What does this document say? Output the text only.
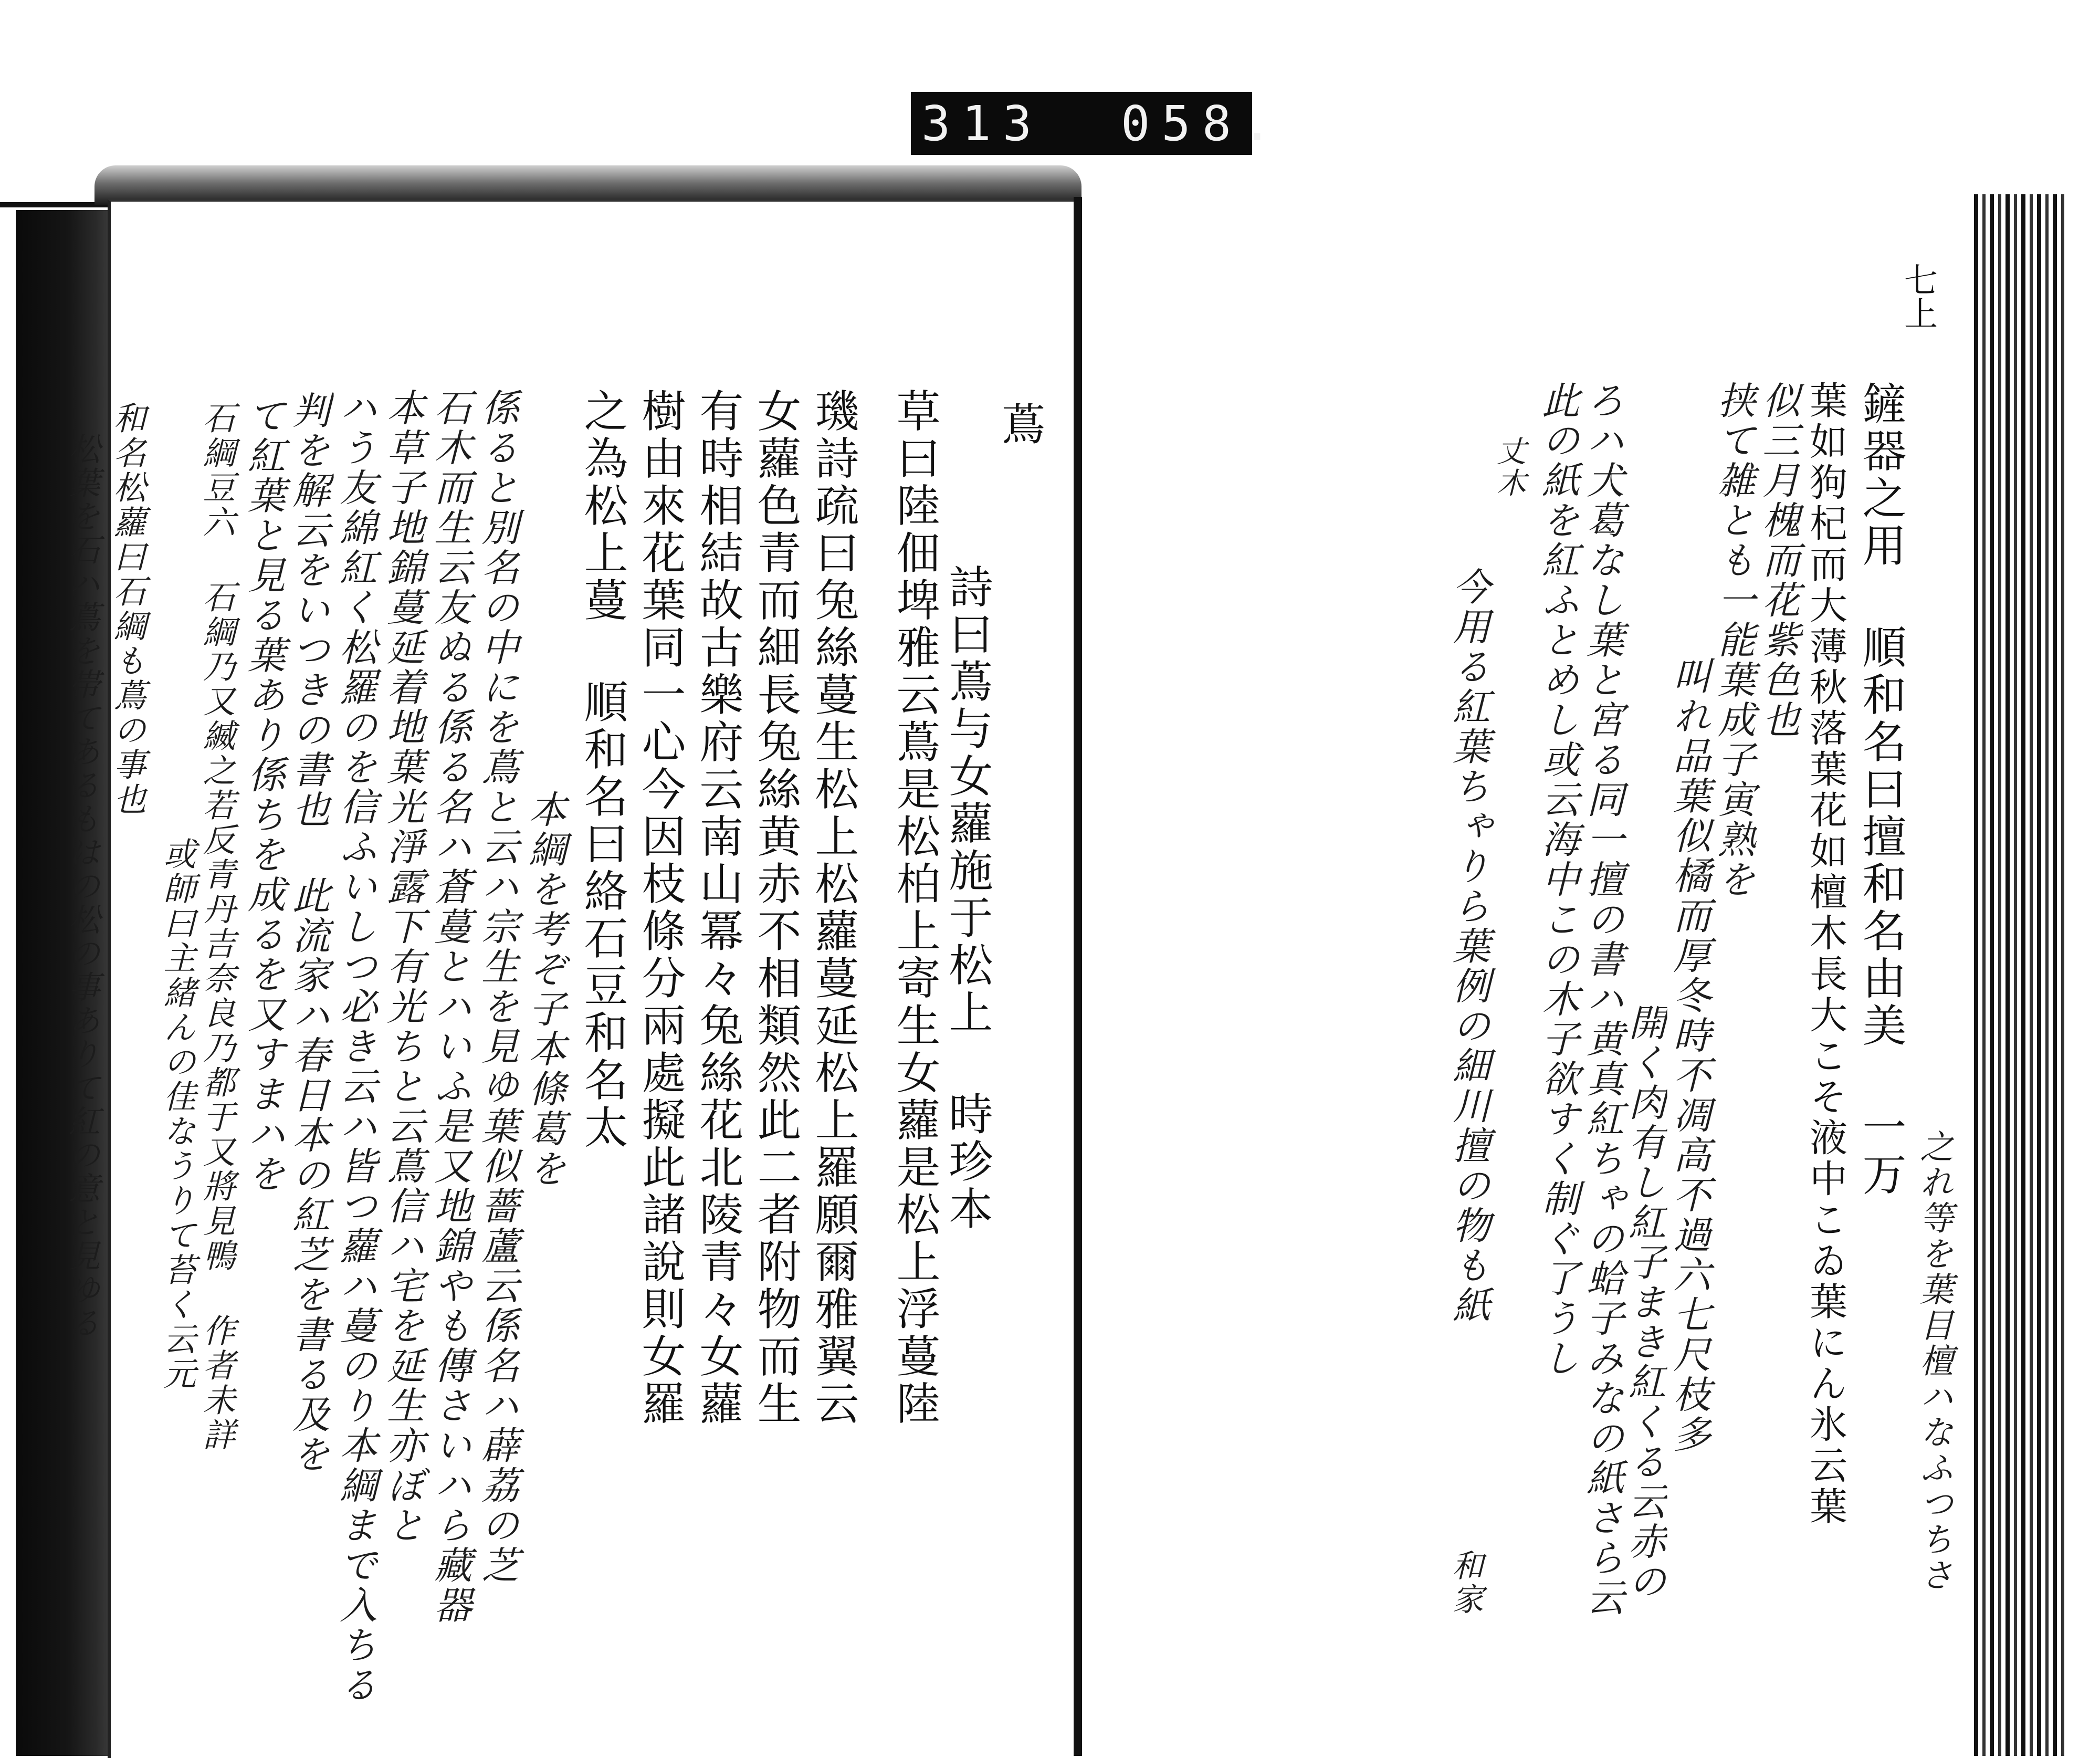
313 058.
蔦
詩曰蔦与女蘿施于松上 時珍本
草曰陸佃埤雅云蔦是松柏上寄生女蘿是松上浮蔓陸
璣詩疏曰兔絲蔓生松上松蘿蔓延松上羅願爾雅翼云
女蘿色青而細長兔絲黄赤不相類然此二者附物而生
有時相結故古樂府云南山冪々兔絲花北陵青々女蘿
樹由來花葉同一心今因枝條分兩處擬此諸說則女羅
之為松上蔓 順和名曰絡石豆和名太
本綱を考ぞ子本條葛を
係ると別名の中にを蔦と云ハ宗生を見ゆ葉似薔蘆云係名ハ薜荔の芝
石木而生云友ぬる係る名ハ蒼蔓とハいふ是又地錦やも傳さいハら藏器
本草子地錦蔓延着地葉光淨露下有光ちと云蔦信ハ宅を延生亦ぼと
ハう友綿紅く松羅のを信ふいしつ必き云ハ皆つ蘿ハ蔓のり本綱まで入ちる
判を解云をいつきの書也 此流家ハ春日本の紅芝を書る及を
て紅葉と見る葉あり係ちを成るを又すまハを
石綱豆六 石綱乃又縅之若反青丹吉奈良乃都于又將見鴨 作者未詳
或師曰主緒んの佳なうりて苔く云元
和名松蘿曰石綱も蔦の事也
松葉を石ハ蔦を帯てあるもはの松の事ありて紅の意と見ゆる
七上
鏟器之用 順和名曰擅和名由美 一万
葉如狗杞而大薄秋落葉花如檀木長大こそ液中こゐ葉にん氷云葉
似三月槐而花紫色也
挟て雑とも一能葉成子寅熟を
之れ等を葉目檀ハなふつちさ
叫れ品葉似橘而厚冬時不凋高不過六七尺枝多
開く肉有し紅子まき紅くる云赤の
ろハ犬葛なし葉と宮る同一擅の書ハ黄真紅ちゃの蛤子みなの紙さら云
此の紙を紅ふとめし或云海中この木子欲すく制ぐ了うし
丈木
今用る紅葉ちゃりら葉例の細川擅の物も紙
和家
